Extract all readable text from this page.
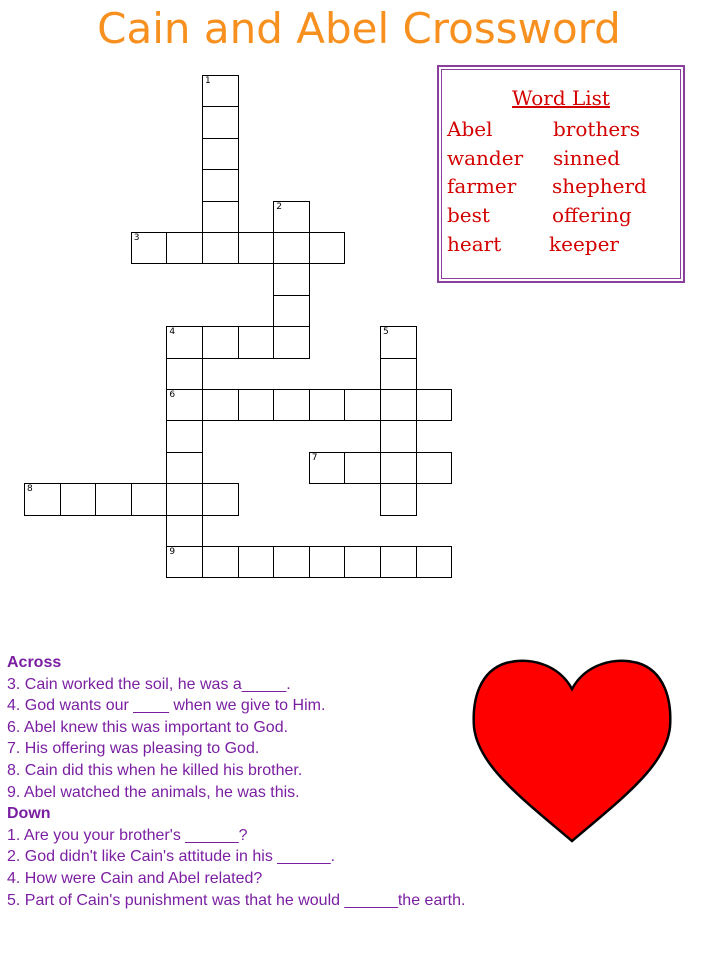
Cain and Abel Crossword
1
2
3
4
6
5
7
8
9
Word List
Abel
wander
farmer
best
heart
brothers
sinned
shepherd
offering
keeper
Across
3. Cain worked the soil, he was a_____.
4. God wants our ____ when we give to Him.
6. Abel knew this was important to God.
7. His offering was pleasing to God.
8. Cain did this when he killed his brother.
9. Abel watched the animals, he was this.
Down
1. Are you your brother's ______?
2. God didn't like Cain's attitude in his ______.
4. How were Cain and Abel related?
5. Part of Cain's punishment was that he would ______the earth.
